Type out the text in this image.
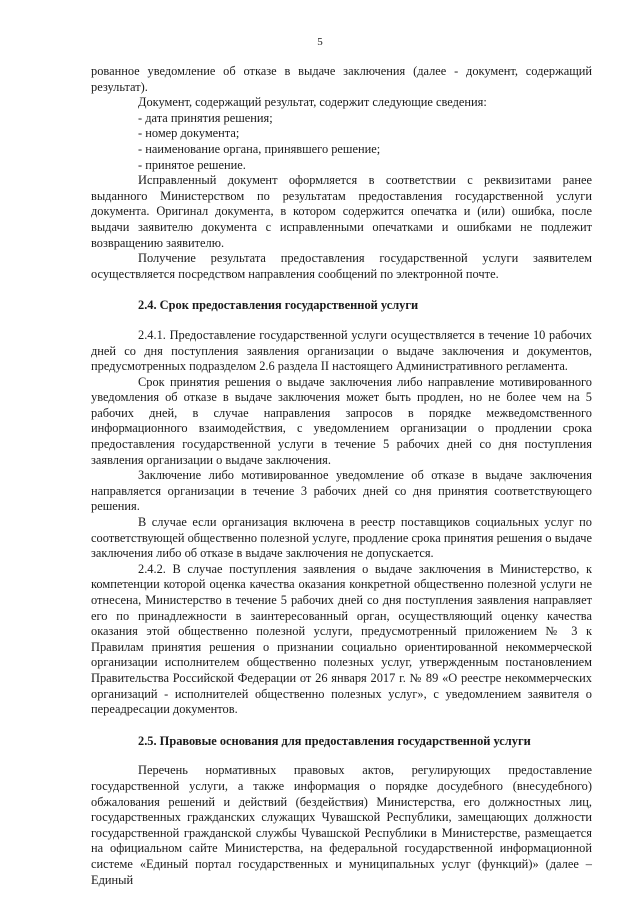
5

рованное уведомление об отказе в выдаче заключения (далее - документ, содержащий результат).

Документ, содержащий результат, содержит следующие сведения:

- дата принятия решения;

- номер документа;

- наименование органа, принявшего решение;

- принятое решение.

Исправленный документ оформляется в соответствии с реквизитами ранее выданного Министерством по результатам предоставления государственной услуги документа. Оригинал документа, в котором содержится опечатка и (или) ошибка, после выдачи заявителю документа с исправленными опечатками и ошибками не подлежит возвращению заявителю.

Получение результата предоставления государственной услуги заявителем осуществляется посредством направления сообщений по электронной почте.

2.4. Срок предоставления государственной услуги

2.4.1. Предоставление государственной услуги осуществляется в течение 10 рабочих дней со дня поступления заявления организации о выдаче заключения и документов, предусмотренных подразделом 2.6 раздела II настоящего Административного регламента.

Срок принятия решения о выдаче заключения либо направление мотивированного уведомления об отказе в выдаче заключения может быть продлен, но не более чем на 5 рабочих дней, в случае направления запросов в порядке межведомственного информационного взаимодействия, с уведомлением организации о продлении срока предоставления государственной услуги в течение 5 рабочих дней со дня поступления заявления организации о выдаче заключения.

Заключение либо мотивированное уведомление об отказе в выдаче заключения направляется организации в течение 3 рабочих дней со дня принятия соответствующего решения.

В случае если организация включена в реестр поставщиков социальных услуг по соответствующей общественно полезной услуге, продление срока принятия решения о выдаче заключения либо об отказе в выдаче заключения не допускается.

2.4.2. В случае поступления заявления о выдаче заключения в Министерство, к компетенции которой оценка качества оказания конкретной общественно полезной услуги не отнесена, Министерство в течение 5 рабочих дней со дня поступления заявления направляет его по принадлежности в заинтересованный орган, осуществляющий оценку качества оказания этой общественно полезной услуги, предусмотренный приложением № 3 к Правилам принятия решения о признании социально ориентированной некоммерческой организации исполнителем общественно полезных услуг, утвержденным постановлением Правительства Российской Федерации от 26 января 2017 г. № 89 «О реестре некоммерческих организаций - исполнителей общественно полезных услуг», с уведомлением заявителя о переадресации документов.

2.5. Правовые основания для предоставления государственной услуги

Перечень нормативных правовых актов, регулирующих предоставление государственной услуги, а также информация о порядке досудебного (внесудебного) обжалования решений и действий (бездействия) Министерства, его должностных лиц, государственных гражданских служащих Чувашской Республики, замещающих должности государственной гражданской службы Чувашской Республики в Министерстве, размещается на официальном сайте Министерства, на федеральной государственной информационной системе «Единый портал государственных и муниципальных услуг (функций)» (далее – Единый
